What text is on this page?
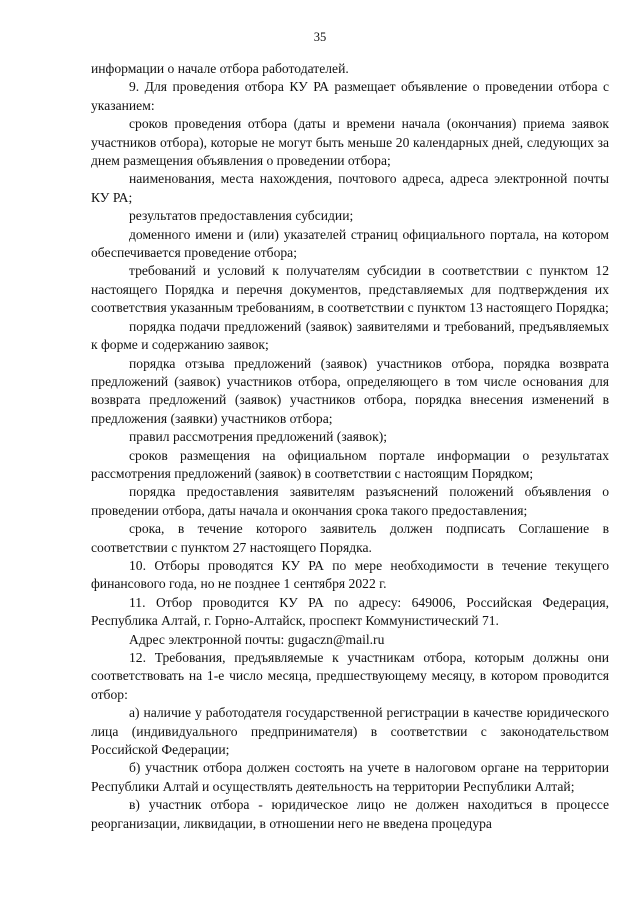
35

информации о начале отбора работодателей.

9. Для проведения отбора КУ РА размещает объявление о проведении отбора с указанием:

сроков проведения отбора (даты и времени начала (окончания) приема заявок участников отбора), которые не могут быть меньше 20 календарных дней, следующих за днем размещения объявления о проведении отбора;

наименования, места нахождения, почтового адреса, адреса электронной почты КУ РА;

результатов предоставления субсидии;

доменного имени и (или) указателей страниц официального портала, на котором обеспечивается проведение отбора;

требований и условий к получателям субсидии в соответствии с пунктом 12 настоящего Порядка и перечня документов, представляемых для подтверждения их соответствия указанным требованиям, в соответствии с пунктом 13 настоящего Порядка;

порядка подачи предложений (заявок) заявителями и требований, предъявляемых к форме и содержанию заявок;

порядка отзыва предложений (заявок) участников отбора, порядка возврата предложений (заявок) участников отбора, определяющего в том числе основания для возврата предложений (заявок) участников отбора, порядка внесения изменений в предложения (заявки) участников отбора;

правил рассмотрения предложений (заявок);

сроков размещения на официальном портале информации о результатах рассмотрения предложений (заявок) в соответствии с настоящим Порядком;

порядка предоставления заявителям разъяснений положений объявления о проведении отбора, даты начала и окончания срока такого предоставления;

срока, в течение которого заявитель должен подписать Соглашение в соответствии с пунктом 27 настоящего Порядка.

10. Отборы проводятся КУ РА по мере необходимости в течение текущего финансового года, но не позднее 1 сентября 2022 г.

11. Отбор проводится КУ РА по адресу: 649006, Российская Федерация, Республика Алтай, г. Горно-Алтайск, проспект Коммунистический 71.

Адрес электронной почты: gugaczn@mail.ru

12. Требования, предъявляемые к участникам отбора, которым должны они соответствовать на 1-е число месяца, предшествующему месяцу, в котором проводится отбор:

а) наличие у работодателя государственной регистрации в качестве юридического лица (индивидуального предпринимателя) в соответствии с законодательством Российской Федерации;

б) участник отбора должен состоять на учете в налоговом органе на территории Республики Алтай и осуществлять деятельность на территории Республики Алтай;

в) участник отбора - юридическое лицо не должен находиться в процессе реорганизации, ликвидации, в отношении него не введена процедура
